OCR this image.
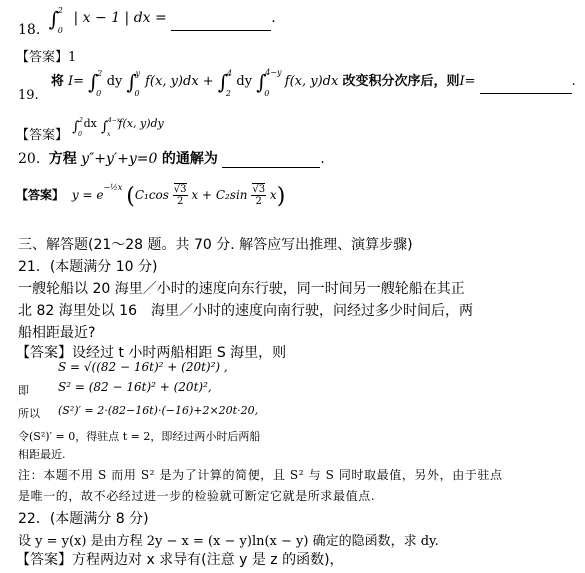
18. ∫
2
0
| x − 1 | dx =	.
【答案】1
19. 将 I= ∫
2
0
dy ∫
y
0
f(x, y)dx + ∫
4
2
dy ∫
4−y
0
f(x, y)dx 改变积分次序后，则I=	.
【答案】 ∫ 2
0
dx ∫ 4−x
x
f(x, y)dy
20. 方程 y″+y′+y=0 的通解为	.
【答案】 $y = e^{-\frac{1}{2}x}$ ($C_1\cos \frac{√3}{2}$ $x + C_2\sin \frac{√3}{2} x$)
三、解答题(21～28 题。共 70 分. 解答应写出推理、演算步骤)
21．(本题满分 10 分)
一艘轮船以 20 海里／小时的速度向东行驶，同一时间另一艘轮船在其正
北 82 海里处以 16　海里／小时的速度向南行驶，问经过多少时间后，两
船相距最近?
【答案】设经过 t 小时两船相距 S 海里，则
S = √((82 − 16t)² + (20t)²) ,
即 S² = (82 − 16t)² + (20t)²,
所以 (S²)′ = 2·(82−16t)·(−16)+2×20t·20,
令(S²)′ = 0，得驻点 t = 2，即经过两小时后两船
相距最近.
注：本题不用 S 而用 S² 是为了计算的简便，且 S² 与 S 同时取最值，另外，由于驻点
是唯一的，故不必经过进一步的检验就可断定它就是所求最值点.
22．(本题满分 8 分)
设 y = y(x) 是由方程 2y − x = (x − y)ln(x − y) 确定的隐函数，求 dy.
【答案】方程两边对 x 求导有(注意 y 是 z 的函数)，
